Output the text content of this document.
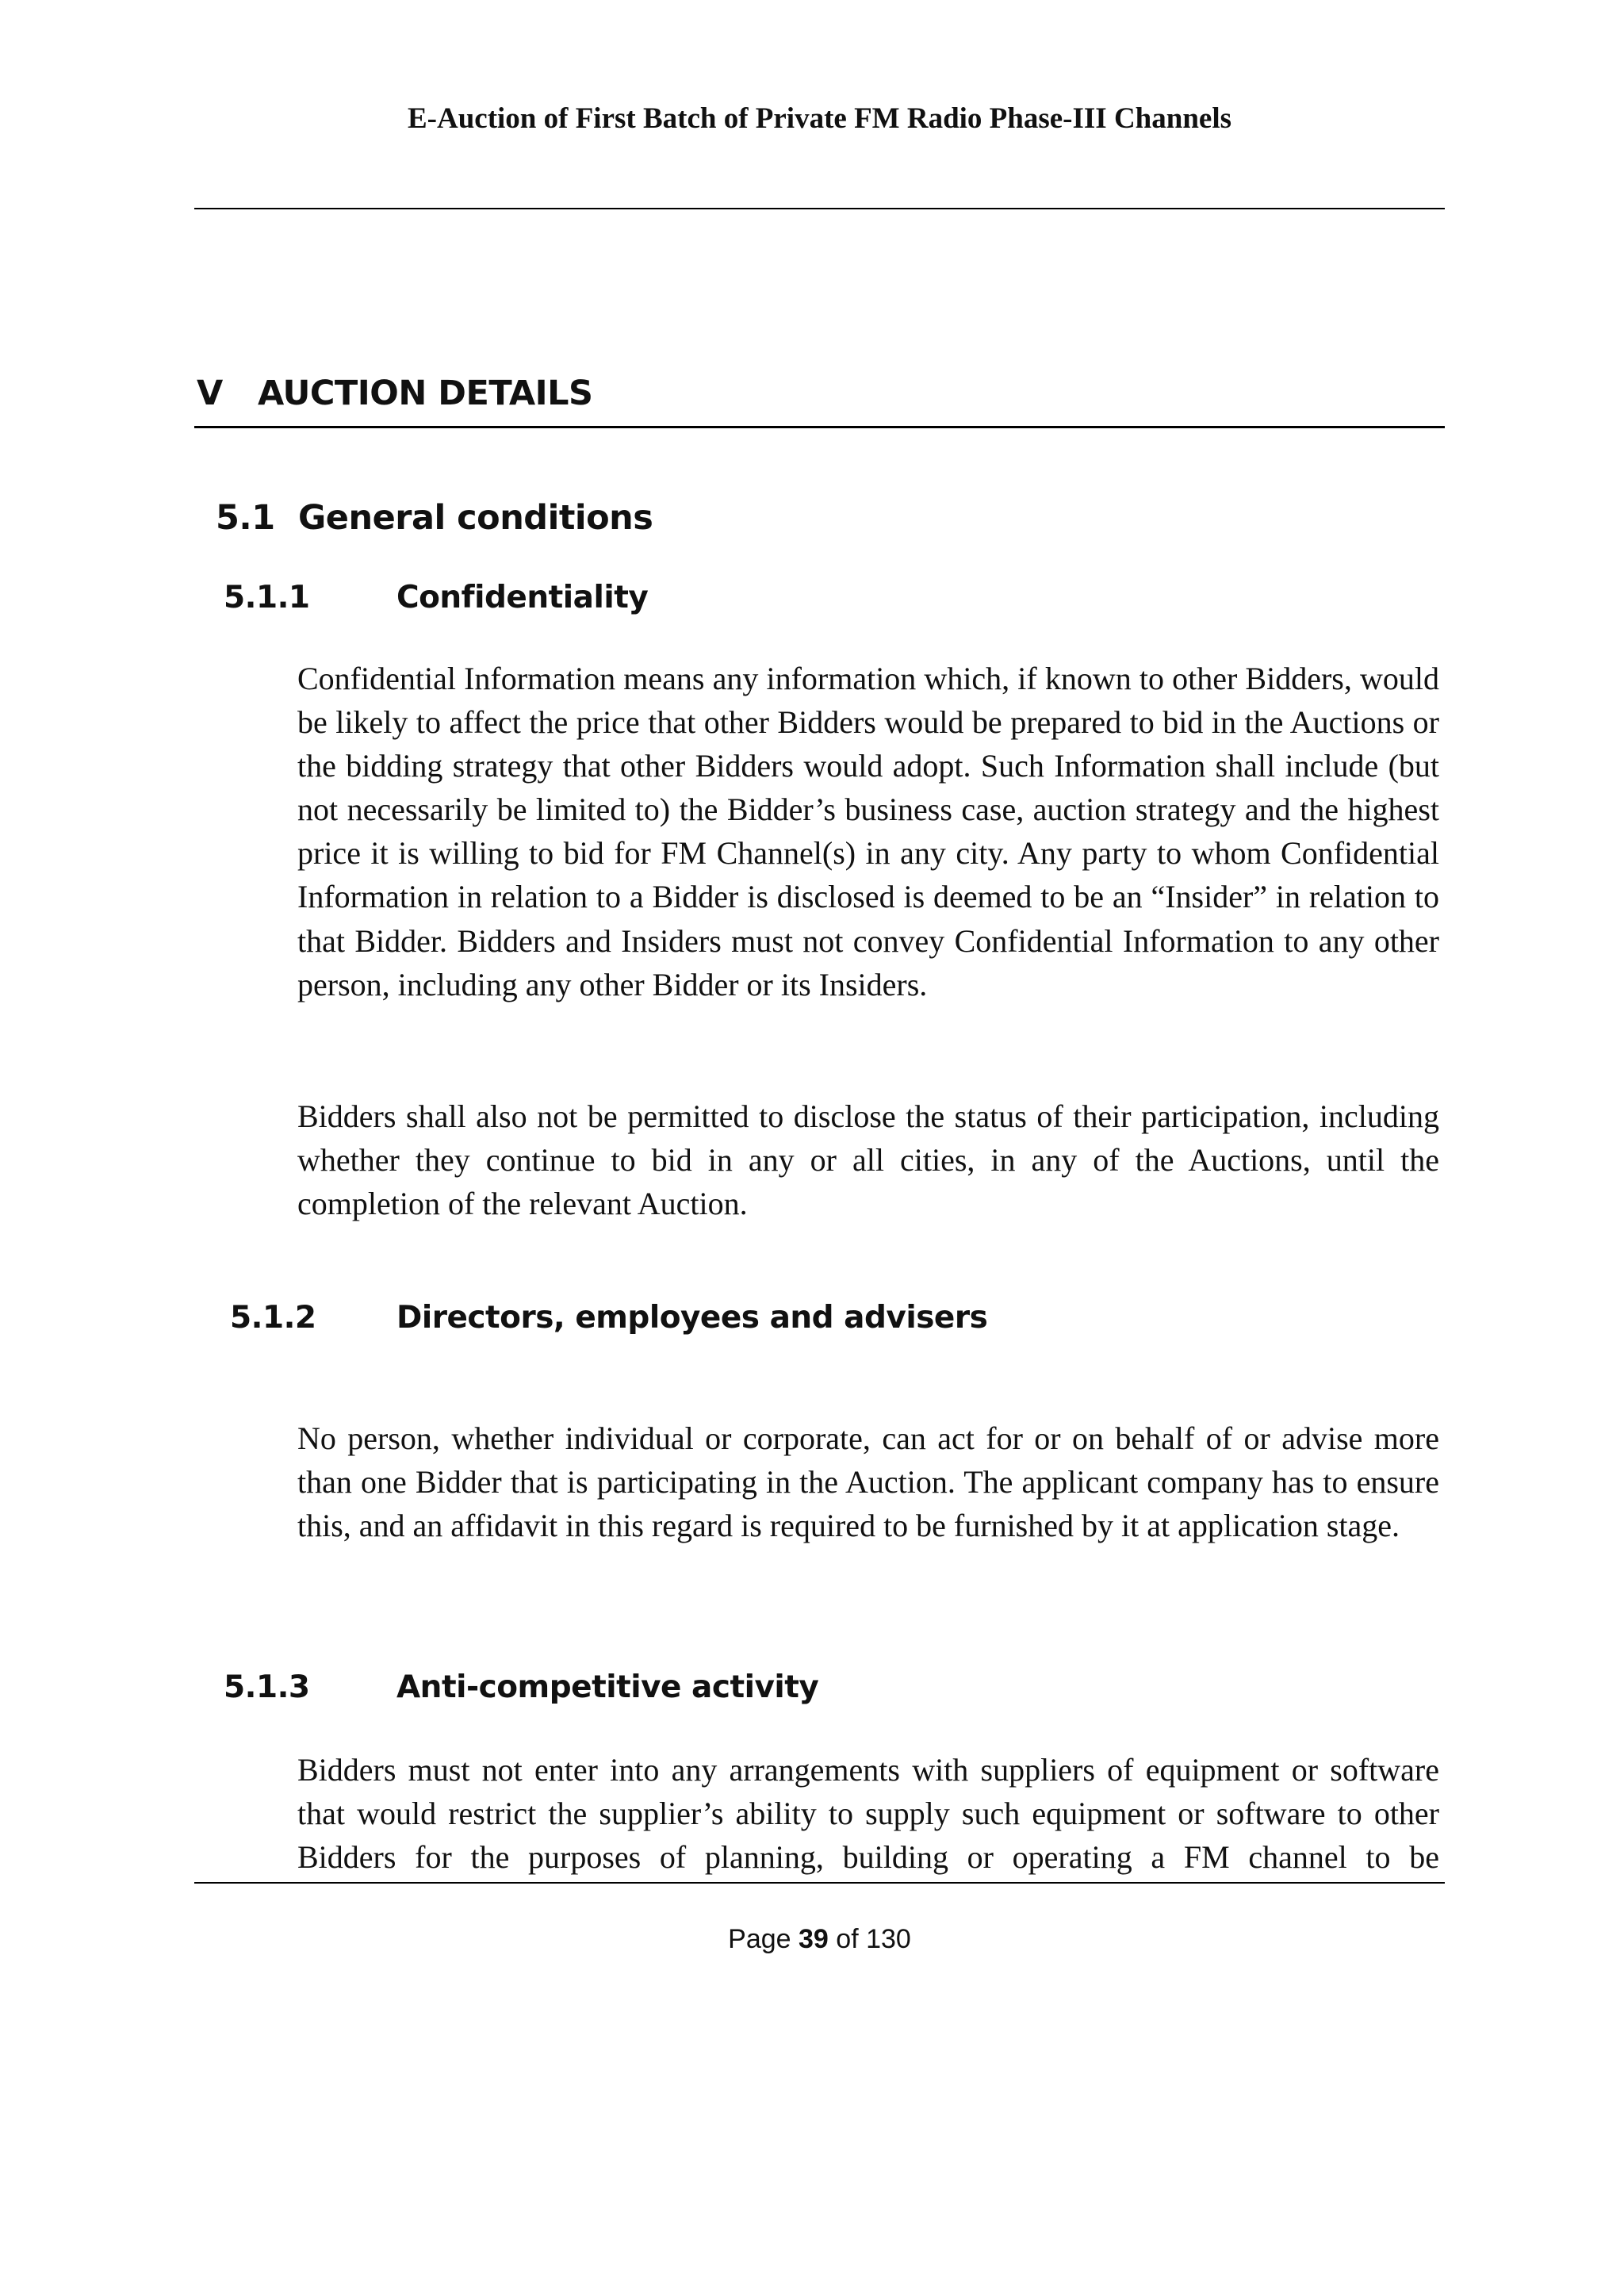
E-Auction of First Batch of Private FM Radio Phase-III Channels
V AUCTION DETAILS
5.1 General conditions
5.1.1	Confidentiality

Confidential Information means any information which, if known to other Bidders, would be likely to affect the price that other Bidders would be prepared to bid in the Auctions or the bidding strategy that other Bidders would adopt. Such Information shall include (but not necessarily be limited to) the Bidder’s business case, auction strategy and the highest price it is willing to bid for FM Channel(s) in any city. Any party to whom Confidential Information in relation to a Bidder is disclosed is deemed to be an “Insider” in relation to that Bidder. Bidders and Insiders must not convey Confidential Information to any other person, including any other Bidder or its Insiders.

Bidders shall also not be permitted to disclose the status of their participation, including whether they continue to bid in any or all cities, in any of the Auctions, until the completion of the relevant Auction.

5.1.2	Directors, employees and advisers

No person, whether individual or corporate, can act for or on behalf of or advise more than one Bidder that is participating in the Auction. The applicant company has to ensure this, and an affidavit in this regard is required to be furnished by it at application stage.

5.1.3	Anti-competitive activity

Bidders must not enter into any arrangements with suppliers of equipment or software that would restrict the supplier’s ability to supply such equipment or software to other Bidders for the purposes of planning, building or operating a FM channel to be

Page 39 of 130
